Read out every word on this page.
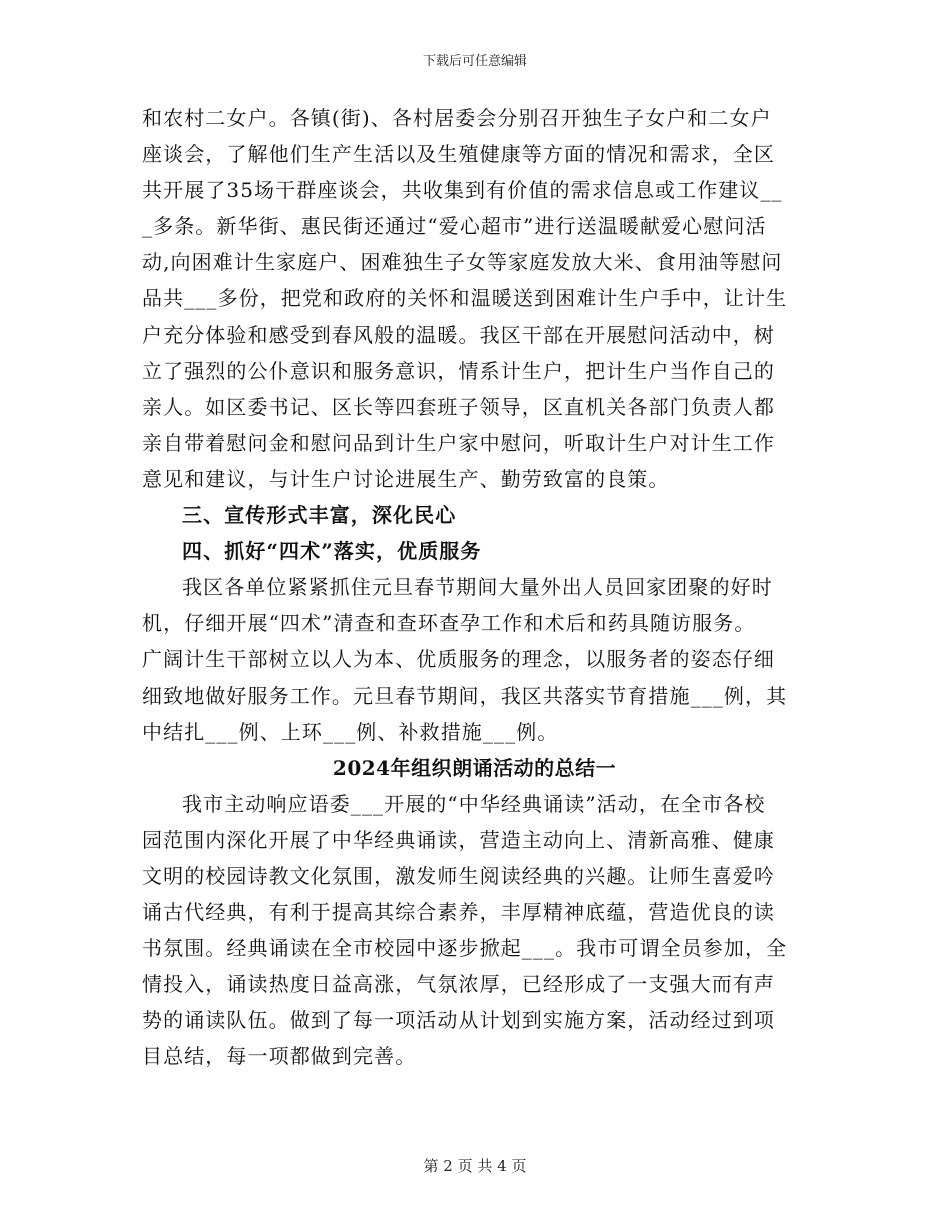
下载后可任意编辑
和农村二女户。各镇(街)、各村居委会分别召开独生子女户和二女户
座谈会，了解他们生产生活以及生殖健康等方面的情况和需求，全区
共开展了35场干群座谈会，共收集到有价值的需求信息或工作建议__
_多条。新华街、惠民街还通过“爱心超市”进行送温暖献爱心慰问活
动,向困难计生家庭户、困难独生子女等家庭发放大米、食用油等慰问
品共___多份，把党和政府的关怀和温暖送到困难计生户手中，让计生
户充分体验和感受到春风般的温暖。我区干部在开展慰问活动中，树
立了强烈的公仆意识和服务意识，情系计生户，把计生户当作自己的
亲人。如区委书记、区长等四套班子领导，区直机关各部门负责人都
亲自带着慰问金和慰问品到计生户家中慰问，听取计生户对计生工作
意见和建议，与计生户讨论进展生产、勤劳致富的良策。
三、宣传形式丰富，深化民心
四、抓好“四术”落实，优质服务
我区各单位紧紧抓住元旦春节期间大量外出人员回家团聚的好时
机，仔细开展“四术”清查和查环查孕工作和术后和药具随访服务。
广阔计生干部树立以人为本、优质服务的理念，以服务者的姿态仔细
细致地做好服务工作。元旦春节期间，我区共落实节育措施___例，其
中结扎___例、上环___例、补救措施___例。
2024年组织朗诵活动的总结一
我市主动响应语委___开展的“中华经典诵读”活动，在全市各校
园范围内深化开展了中华经典诵读，营造主动向上、清新高雅、健康
文明的校园诗教文化氛围，激发师生阅读经典的兴趣。让师生喜爱吟
诵古代经典，有利于提高其综合素养，丰厚精神底蕴，营造优良的读
书氛围。经典诵读在全市校园中逐步掀起___。我市可谓全员参加，全
情投入，诵读热度日益高涨，气氛浓厚，已经形成了一支强大而有声
势的诵读队伍。做到了每一项活动从计划到实施方案，活动经过到项
目总结，每一项都做到完善。
第 2 页 共 4 页
